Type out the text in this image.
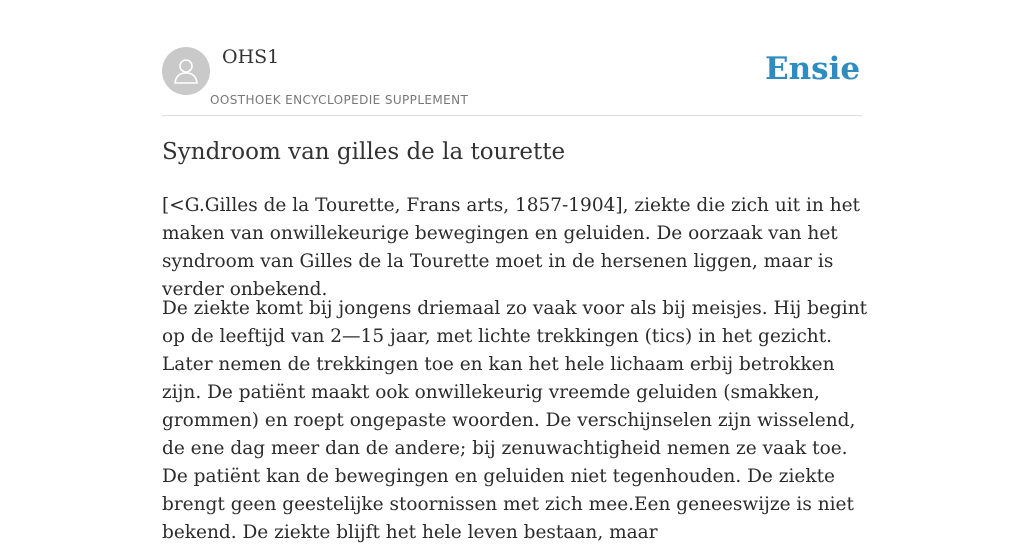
OHS1
OOSTHOEK ENCYCLOPEDIE SUPPLEMENT
Ensie
Syndroom van gilles de la tourette

[<G.Gilles de la Tourette, Frans arts, 1857-1904], ziekte die zich uit in het maken van onwillekeurige bewegingen en geluiden. De oorzaak van het syndroom van Gilles de la Tourette moet in de hersenen liggen, maar is verder onbekend.

De ziekte komt bij jongens driemaal zo vaak voor als bij meisjes. Hij begint op de leeftijd van 2—15 jaar, met lichte trekkingen (tics) in het gezicht. Later nemen de trekkingen toe en kan het hele lichaam erbij betrokken zijn. De patiënt maakt ook onwillekeurig vreemde geluiden (smakken, grommen) en roept ongepaste woorden. De verschijnselen zijn wisselend, de ene dag meer dan de andere; bij zenuwachtigheid nemen ze vaak toe. De patiënt kan de bewegingen en geluiden niet tegenhouden. De ziekte brengt geen geestelijke stoornissen met zich mee.Een geneeswijze is niet bekend. De ziekte blijft het hele leven bestaan, maar
